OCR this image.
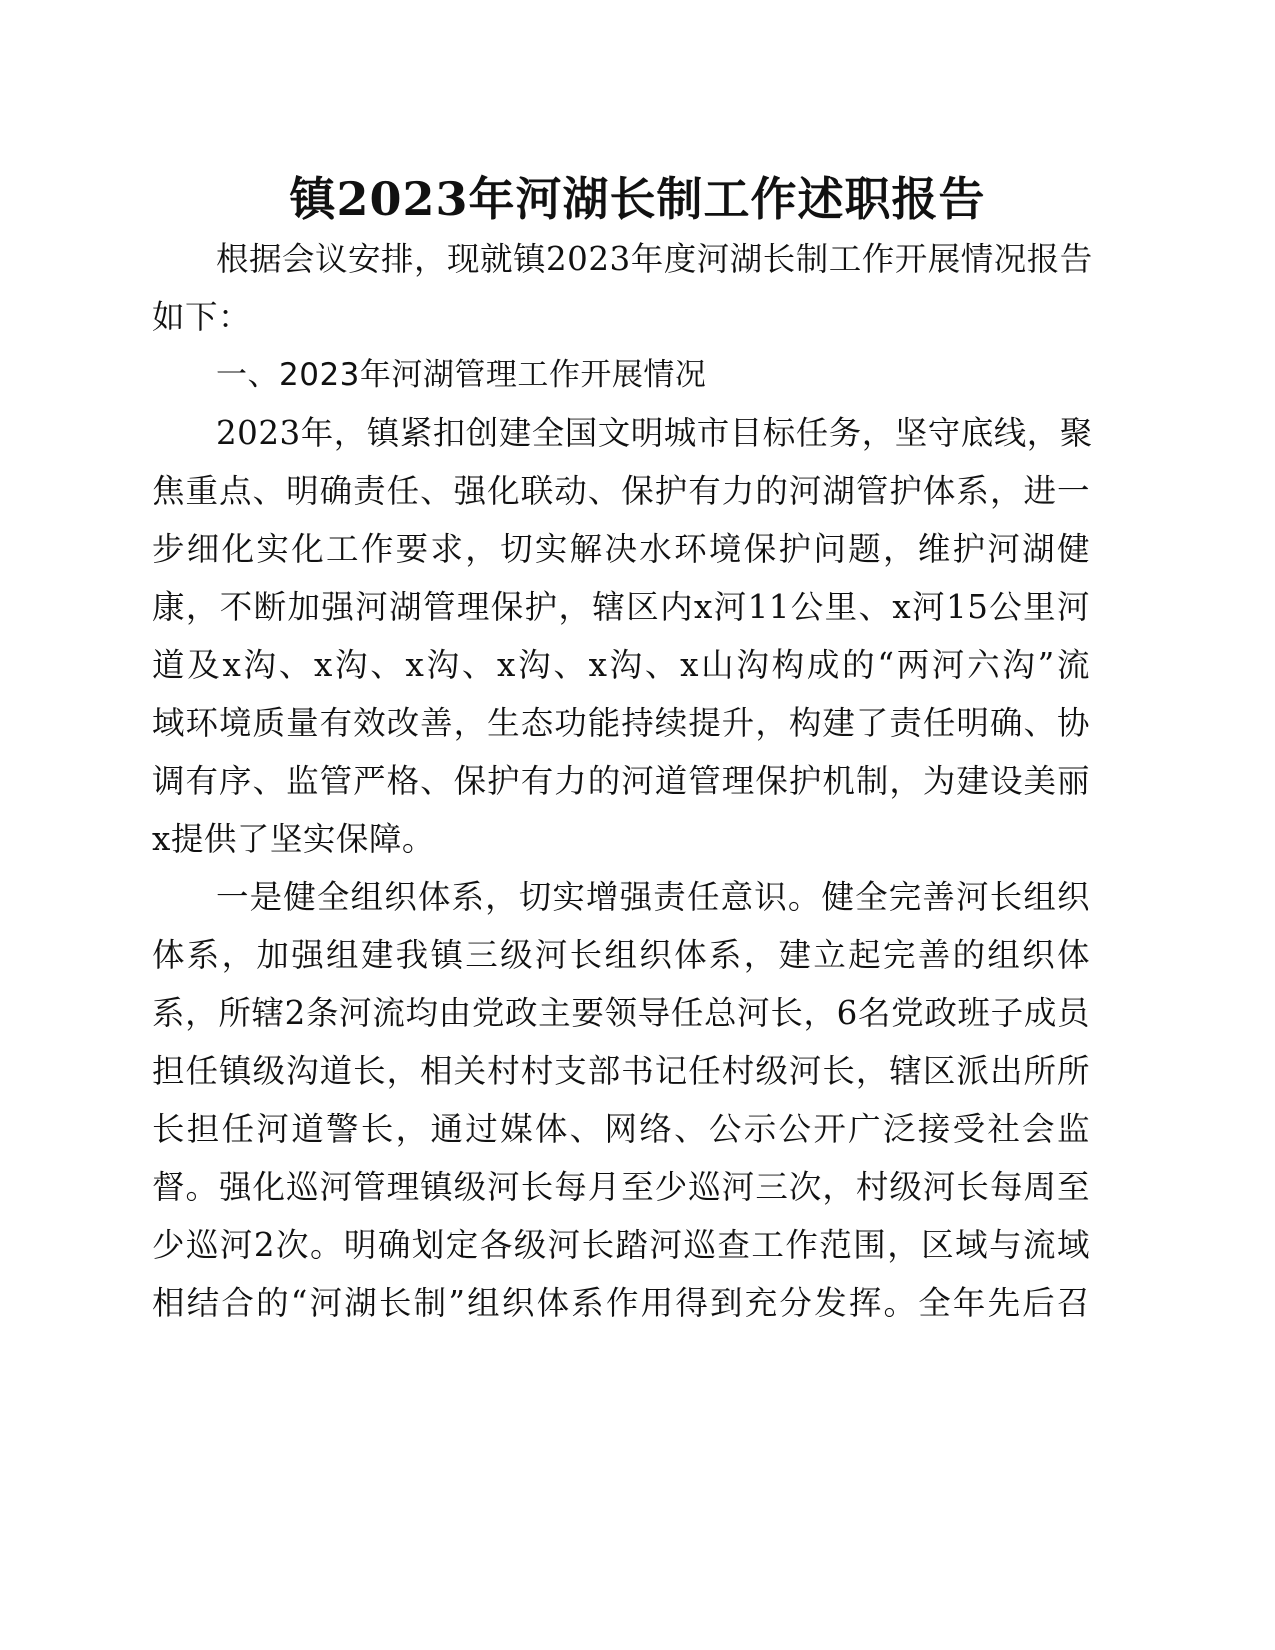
镇2023年河湖长制工作述职报告
根据会议安排，现就镇2023年度河湖长制工作开展情况报告
如下：
一、2023年河湖管理工作开展情况
2023年，镇紧扣创建全国文明城市目标任务，坚守底线，聚
焦重点、明确责任、强化联动、保护有力的河湖管护体系，进一
步细化实化工作要求，切实解决水环境保护问题，维护河湖健
康，不断加强河湖管理保护，辖区内x河11公里、x河15公里河
道及x沟、x沟、x沟、x沟、x沟、x山沟构成的“两河六沟”流
域环境质量有效改善，生态功能持续提升，构建了责任明确、协
调有序、监管严格、保护有力的河道管理保护机制，为建设美丽
x提供了坚实保障。
一是健全组织体系，切实增强责任意识。健全完善河长组织
体系，加强组建我镇三级河长组织体系，建立起完善的组织体
系，所辖2条河流均由党政主要领导任总河长，6名党政班子成员
担任镇级沟道长，相关村村支部书记任村级河长，辖区派出所所
长担任河道警长，通过媒体、网络、公示公开广泛接受社会监
督。强化巡河管理镇级河长每月至少巡河三次，村级河长每周至
少巡河2次。明确划定各级河长踏河巡查工作范围，区域与流域
相结合的“河湖长制”组织体系作用得到充分发挥。全年先后召
